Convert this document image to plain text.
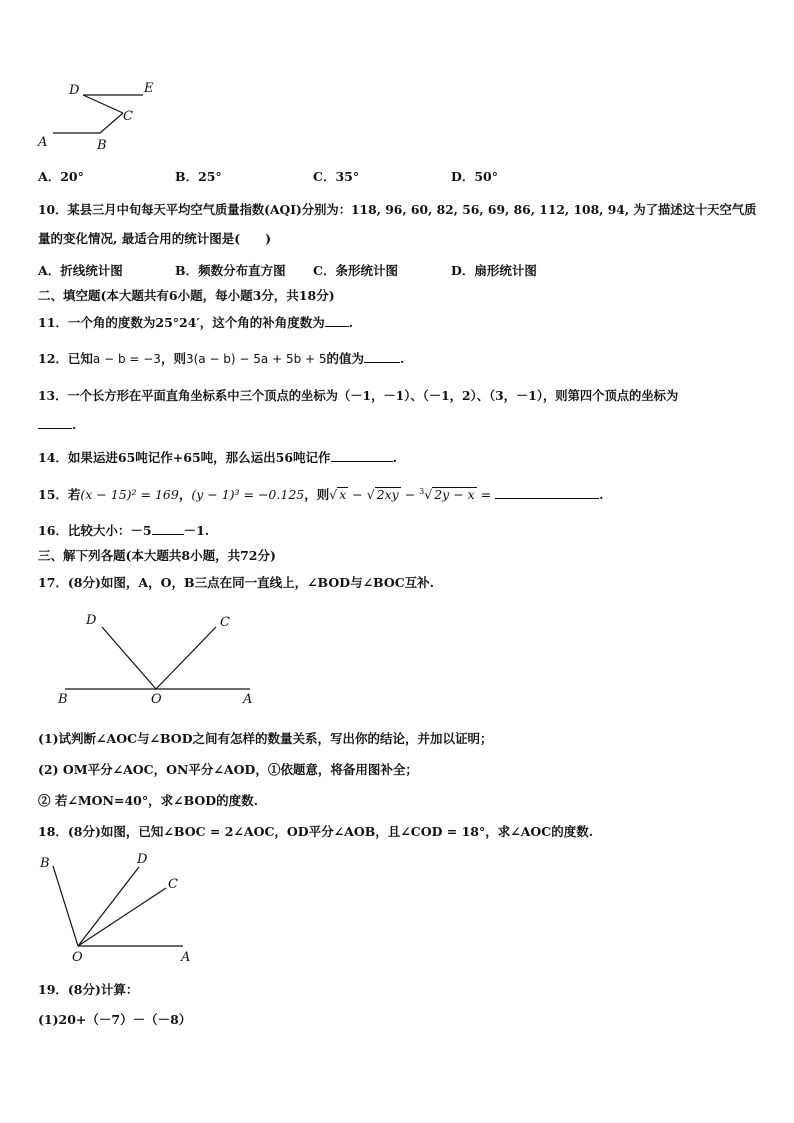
D	E
C
A	B
A．20°	B．25°	C．35°	D．50°
10．某县三月中旬每天平均空气质量指数(AQI)分别为：118, 96, 60, 82, 56, 69, 86, 112, 108, 94, 为了描述这十天空气质
量的变化情况, 最适合用的统计图是(　　)
A．折线统计图	B．频数分布直方图 C．条形统计图	D．扇形统计图
二、填空题(本大题共有6小题，每小题3分，共18分)
11．一个角的度数为25°24′，这个角的补角度数为 .
12．已知a − b = −3，则3(a − b) − 5a + 5b + 5的值为	.
13．一个长方形在平面直角坐标系中三个顶点的坐标为（－1，－1）、（－1，2）、（3，－1），则第四个顶点的坐标为
.
14．如果运进65吨记作+65吨，那么运出56吨记作	.
15．若(x − 15)² = 169，(y − 1)³ = −0.125，则√ x − √ 2xy − $^3$√ 2y − x =	.
16．比较大小：－5	－1.
三、解下列各题(本大题共8小题，共72分)
17．(8分)如图，A，O，B三点在同一直线上，∠BOD与∠BOC互补.
D	C
B	O	A
(1)试判断∠AOC与∠BOD之间有怎样的数量关系，写出你的结论，并加以证明；
(2) OM平分∠AOC，ON平分∠AOD，①依题意，将备用图补全；
② 若∠MON=40°，求∠BOD的度数.
18．(8分)如图，已知∠BOC = 2∠AOC，OD平分∠AOB，且∠COD = 18°，求∠AOC的度数.
B	D
C
O	A
19．(8分)计算：
(1)20+（－7）－（－8）
